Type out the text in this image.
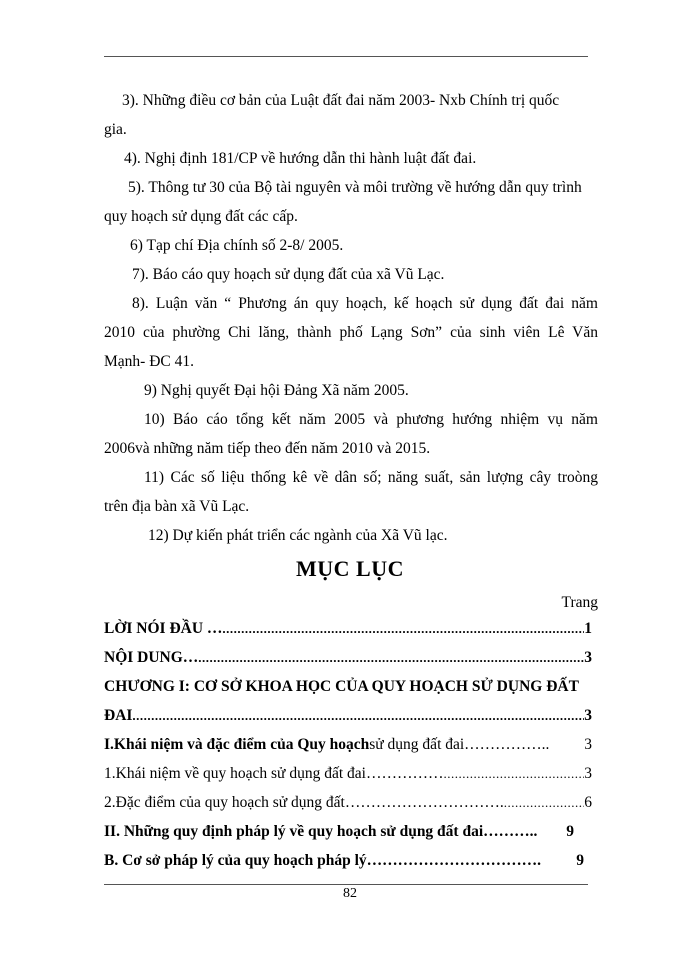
3). Những điều cơ bản của Luật đất đai năm 2003- Nxb Chính trị quốc
gia.
4). Nghị định 181/CP về hướng dẫn thi hành luật đất đai.
5). Thông tư 30 của Bộ tài nguyên và môi trường về hướng dẫn quy trình
quy hoạch sử dụng đất các cấp.
6) Tạp chí Địa chính số 2-8/ 2005.
7). Báo cáo quy hoạch sử dụng đất của xã Vũ Lạc.
8). Luận văn “ Phương án quy hoạch, kế hoạch sử dụng đất đai năm
2010 của phường Chi lăng, thành phố Lạng Sơn” của sinh viên Lê Văn
Mạnh- ĐC 41.
9) Nghị quyết Đại hội Đảng Xã năm 2005.
10) Báo cáo tổng kết năm 2005 và phương hướng nhiệm vụ năm
2006và những năm tiếp theo đến năm 2010 và 2015.
11) Các số liệu thống kê về dân số; năng suất, sản lượng cây troòng
trên địa bàn xã Vũ Lạc.
12) Dự kiến phát triển các ngành của Xã Vũ lạc.
MỤC LỤC
Trang
LỜI NÓI ĐẦU … .....	1
NỘI DUNG… .....	3
CHƯƠNG I: CƠ SỞ KHOA HỌC CỦA QUY HOẠCH SỬ DỤNG ĐẤT
ĐAI .....	3
I.Khái niệm và đặc điểm của Quy hoạch sử dụng đất đai…………….. 3
1.Khái niệm về quy hoạch sử dụng đất đai…………… .....	3
2.Đặc điểm của quy hoạch sử dụng đất…………………………. .....	6
II. Những quy định pháp lý về quy hoạch sử dụng đất đai……….. 9
B. Cơ sở pháp lý của quy hoạch pháp lý……………………………. 9
82
